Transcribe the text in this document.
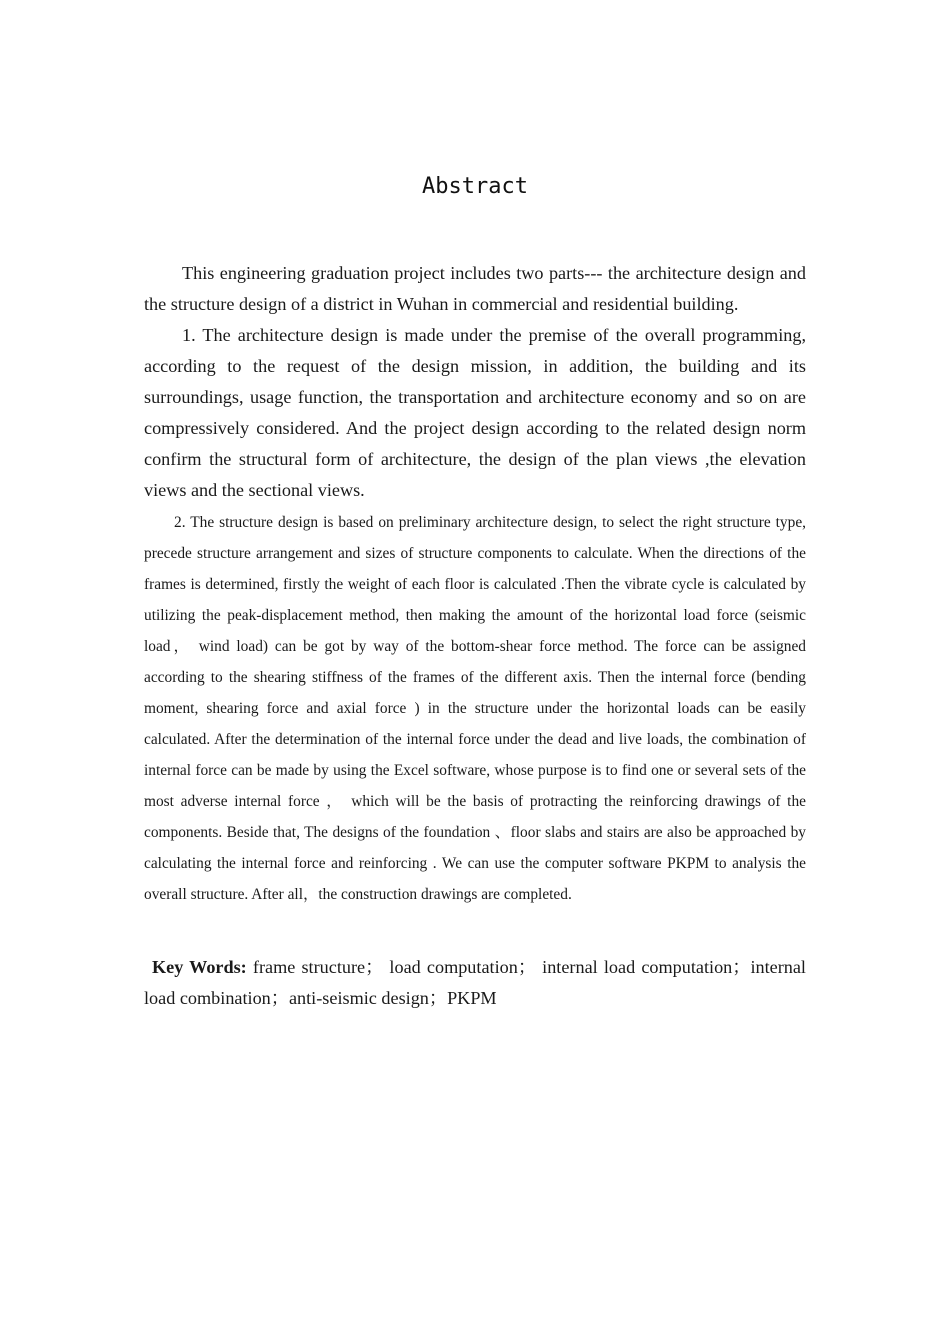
Abstract

This engineering graduation project includes two parts--- the architecture design and the structure design of a district in Wuhan in commercial and residential building.

1. The architecture design is made under the premise of the overall programming, according to the request of the design mission, in addition, the building and its surroundings, usage function, the transportation and architecture economy and so on are compressively considered. And the project design according to the related design norm confirm the structural form of architecture, the design of the plan views ,the elevation views and the sectional views.

2. The structure design is based on preliminary architecture design, to select the right structure type, precede structure arrangement and sizes of structure components to calculate. When the directions of the frames is determined, firstly the weight of each floor is calculated .Then the vibrate cycle is calculated by utilizing the peak-displacement method, then making the amount of the horizontal load force (seismic load， wind load) can be got by way of the bottom-shear force method. The force can be assigned according to the shearing stiffness of the frames of the different axis. Then the internal force (bending moment, shearing force and axial force ) in the structure under the horizontal loads can be easily calculated. After the determination of the internal force under the dead and live loads, the combination of internal force can be made by using the Excel software, whose purpose is to find one or several sets of the most adverse internal force ， which will be the basis of protracting the reinforcing drawings of the components. Beside that, The designs of the foundation 、floor slabs and stairs are also be approached by calculating the internal force and reinforcing . We can use the computer software PKPM to analysis the overall structure. After all，the construction drawings are completed.

Key Words: frame structure； load computation； internal load computation；internal load combination；anti-seismic design；PKPM
